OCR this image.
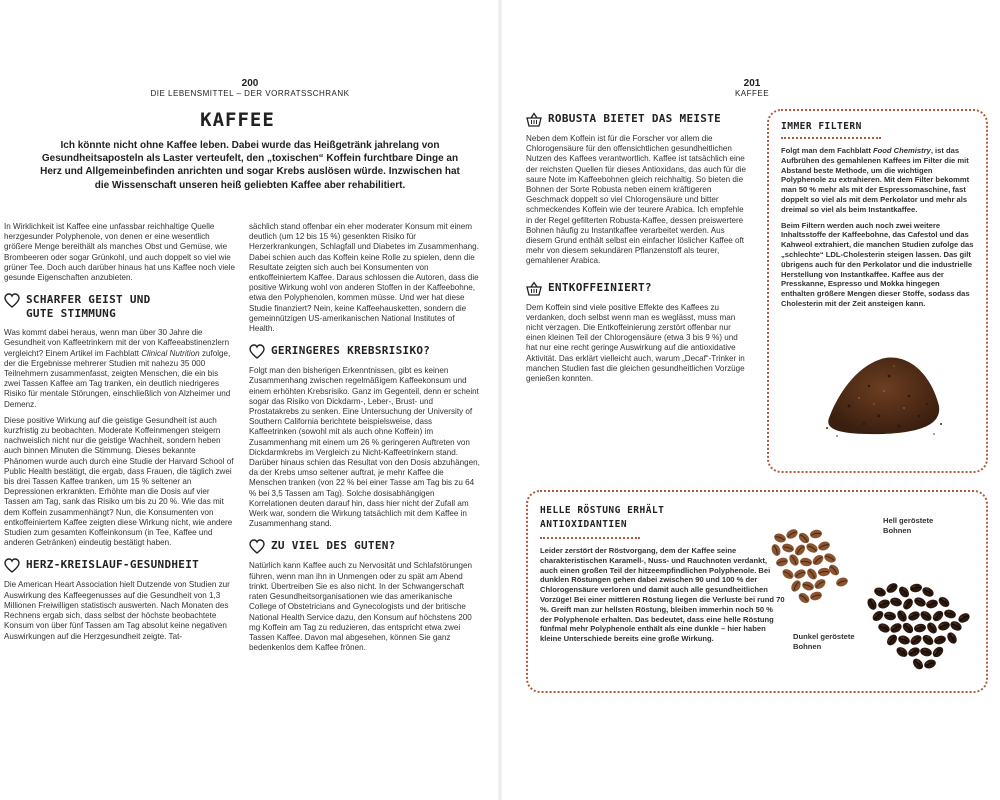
200
DIE LEBENSMITTEL – DER VORRATSSCHRANK
KAFFEE
Ich könnte nicht ohne Kaffee leben. Dabei wurde das Heißgetränk jahrelang von Gesundheitsaposteln als Laster verteufelt, den „toxischen“ Koffein furchtbare Dinge an Herz und Allgemeinbefinden anrichten und sogar Krebs auslösen würde. Inzwischen hat die Wissenschaft unseren heiß geliebten Kaffee aber rehabilitiert.

In Wirklichkeit ist Kaffee eine unfassbar reichhaltige Quelle herzgesunder Polyphenole, von denen er eine wesentlich größere Menge bereithält als manches Obst und Gemüse, wie Brombeeren oder sogar Grünkohl, und auch doppelt so viel wie grüner Tee. Doch auch darüber hinaus hat uns Kaffee noch viele gesunde Eigenschaften anzubieten.

SCHARFER GEIST UND
GUTE STIMMUNG

Was kommt dabei heraus, wenn man über 30 Jahre die Gesundheit von Kaffeetrinkern mit der von Kaffeeabstinenzlern vergleicht? Einem Artikel im Fachblatt Clinical Nutrition zufolge, der die Ergebnisse mehrerer Studien mit nahezu 35 000 Teilnehmern zusammenfasst, zeigten Menschen, die ein bis zwei Tassen Kaffee am Tag tranken, ein deutlich niedrigeres Risiko für mentale Störungen, einschließlich von Alzheimer und Demenz.

Diese positive Wirkung auf die geistige Gesundheit ist auch kurzfristig zu beobachten. Moderate Koffeinmengen steigern nachweislich nicht nur die geistige Wachheit, sondern heben auch binnen Minuten die Stimmung. Dieses bekannte Phänomen wurde auch durch eine Studie der Harvard School of Public Health bestätigt, die ergab, dass Frauen, die täglich zwei bis drei Tassen Kaffee tranken, um 15 % seltener an Depressionen erkrankten. Erhöhte man die Dosis auf vier Tassen am Tag, sank das Risiko um bis zu 20 %. Wie das mit dem Koffein zusammenhängt? Nun, die Konsumenten von entkoffeiniertem Kaffee zeigten diese Wirkung nicht, wie andere Studien zum gesamten Koffeinkonsum (in Tee, Kaffee und anderen Getränken) eindeutig bestätigt haben.

HERZ-KREISLAUF-GESUNDHEIT

Die American Heart Association hielt Dutzende von Studien zur Auswirkung des Kaffeegenusses auf die Gesundheit von 1,3 Millionen Freiwilligen statistisch auswerten. Nach Monaten des Rechnens ergab sich, dass selbst der höchste beobachtete Konsum von über fünf Tassen am Tag absolut keine negativen Auswirkungen auf die Herzgesundheit zeigte. Tat-

sächlich stand offenbar ein eher moderater Konsum mit einem deutlich (um 12 bis 15 %) gesenkten Risiko für Herzerkrankungen, Schlagfall und Diabetes im Zusammenhang. Dabei schien auch das Koffein keine Rolle zu spielen, denn die Resultate zeigten sich auch bei Konsumenten von entkoffeiniertem Kaffee. Daraus schlossen die Autoren, dass die positive Wirkung wohl von anderen Stoffen in der Kaffeebohne, etwa den Polyphenolen, kommen müsse. Und wer hat diese Studie finanziert? Nein, keine Kaffeehausketten, sondern die gemeinnützigen US-amerikanischen National Institutes of Health.

GERINGERES KREBSRISIKO?

Folgt man den bisherigen Erkenntnissen, gibt es keinen Zusammenhang zwischen regelmäßigem Kaffeekonsum und einem erhöhten Krebsrisiko. Ganz im Gegenteil, denn er scheint sogar das Risiko von Dickdarm-, Leber-, Brust- und Prostatakrebs zu senken. Eine Untersuchung der University of Southern California berichtete beispielsweise, dass Kaffeetrinken (sowohl mit als auch ohne Koffein) im Zusammenhang mit einem um 26 % geringeren Auftreten von Dickdarmkrebs im Vergleich zu Nicht-Kaffeetrinkern stand. Darüber hinaus schien das Resultat von den Dosis abzuhängen, da der Krebs umso seltener auftrat, je mehr Kaffee die Menschen tranken (von 22 % bei einer Tasse am Tag bis zu 64 % bei 3,5 Tassen am Tag). Solche dosisabhängigen Korrelationen deuten darauf hin, dass hier nicht der Zufall am Werk war, sondern die Wirkung tatsächlich mit dem Kaffee in Zusammenhang stand.

ZU VIEL DES GUTEN?

Natürlich kann Kaffee auch zu Nervosität und Schlafstörungen führen, wenn man ihn in Unmengen oder zu spät am Abend trinkt. Übertreiben Sie es also nicht. In der Schwangerschaft raten Gesundheitsorganisationen wie das amerikanische College of Obstetricians and Gynecologists und der britische National Health Service dazu, den Konsum auf höchstens 200 mg Koffein am Tag zu reduzieren, das entspricht etwa zwei Tassen Kaffee. Davon mal abgesehen, können Sie ganz bedenkenlos dem Kaffee frönen.

201
KAFFEE
ROBUSTA BIETET DAS MEISTE

Neben dem Koffein ist für die Forscher vor allem die Chlorogensäure für den offensichtlichen gesundheitlichen Nutzen des Kaffees verantwortlich. Kaffee ist tatsächlich eine der reichsten Quellen für dieses Antioxidans, das auch für die saure Note im Kaffeebohnen gleich reichhaltig. So bieten die Bohnen der Sorte Robusta neben einem kräftigeren Geschmack doppelt so viel Chlorogensäure und bitter schmeckendes Koffein wie der teurere Arabica. Ich empfehle in der Regel gefilterten Robusta-Kaffee, dessen preiswertere Bohnen häufig zu Instantkaffee verarbeitet werden. Aus diesem Grund enthält selbst ein einfacher löslicher Kaffee oft mehr von diesem sekundären Pflanzenstoff als teurer, gemahlener Arabica.

ENTKOFFEINIERT?

Dem Koffein sind viele positive Effekte des Kaffees zu verdanken, doch selbst wenn man es weglässt, muss man nicht verzagen. Die Entkoffeinierung zerstört offenbar nur einen kleinen Teil der Chlorogensäure (etwa 3 bis 9 %) und hat nur eine recht geringe Auswirkung auf die antioxidative Aktivität. Das erklärt vielleicht auch, warum „Decaf“-Trinker in manchen Studien fast die gleichen gesundheitlichen Vorzüge genießen konnten.

IMMER FILTERN

Folgt man dem Fachblatt Food Chemistry, ist das Aufbrühen des gemahlenen Kaffees im Filter die mit Abstand beste Methode, um die wichtigen Polyphenole zu extrahieren. Mit dem Filter bekommt man 50 % mehr als mit der Espressomaschine, fast doppelt so viel als mit dem Perkolator und mehr als dreimal so viel als beim Instantkaffee.

Beim Filtern werden auch noch zwei weitere Inhaltsstoffe der Kaffeebohne, das Cafestol und das Kahweol extrahiert, die manchen Studien zufolge das „schlechte“ LDL-Cholesterin steigen lassen. Das gilt übrigens auch für den Perkolator und die industrielle Herstellung von Instantkaffee. Kaffee aus der Presskanne, Espresso und Mokka hingegen enthalten größere Mengen dieser Stoffe, sodass das Cholesterin mit der Zeit ansteigen kann.

HELLE RÖSTUNG ERHÄLT
ANTIOXIDANTIEN
Leider zerstört der Röstvorgang, dem der Kaffee seine charakteristischen Karamell-, Nuss- und Rauchnoten verdankt, auch einen großen Teil der hitzeempfindlichen Polyphenole. Bei dunklen Röstungen gehen dabei zwischen 90 und 100 % der Chlorogensäure verloren und damit auch alle gesundheitlichen Vorzüge! Bei einer mittleren Röstung liegen die Verluste bei rund 70 %. Greift man zur hellsten Röstung, bleiben immerhin noch 50 % der Polyphenole erhalten. Das bedeutet, dass eine helle Röstung fünfmal mehr Polyphenole enthält als eine dunkle – hier haben kleine Unterschiede bereits eine große Wirkung.
Hell geröstete Bohnen
Dunkel geröstete Bohnen
